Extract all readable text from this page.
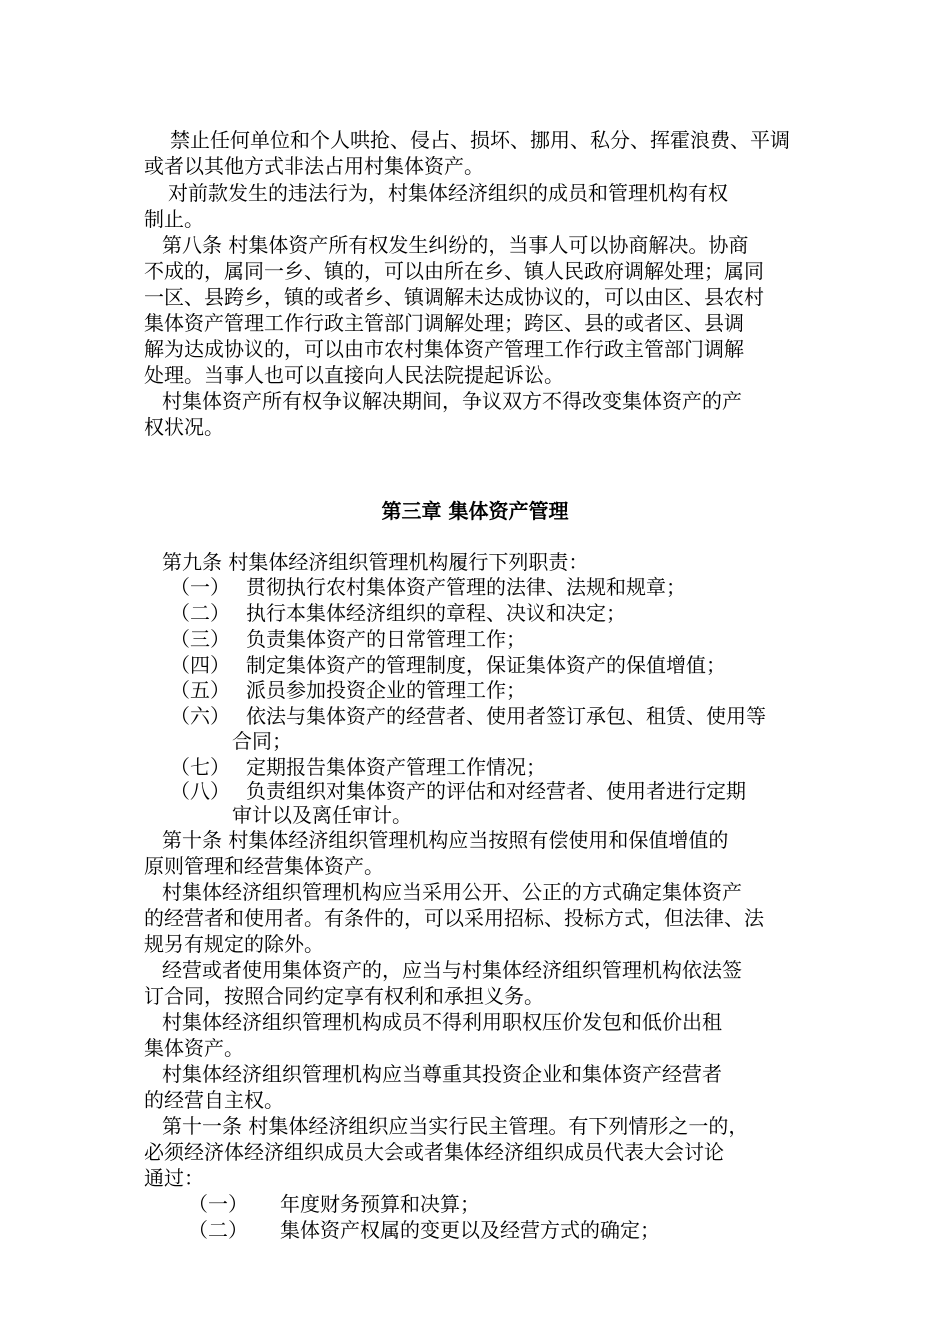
禁止任何单位和个人哄抢、侵占、损坏、挪用、私分、挥霍浪费、平调
或者以其他方式非法占用村集体资产。
对前款发生的违法行为，村集体经济组织的成员和管理机构有权
制止。
第八条 村集体资产所有权发生纠纷的，当事人可以协商解决。协商
不成的，属同一乡、镇的，可以由所在乡、镇人民政府调解处理；属同
一区、县跨乡，镇的或者乡、镇调解未达成协议的，可以由区、县农村
集体资产管理工作行政主管部门调解处理；跨区、县的或者区、县调
解为达成协议的，可以由市农村集体资产管理工作行政主管部门调解
处理。当事人也可以直接向人民法院提起诉讼。
村集体资产所有权争议解决期间，争议双方不得改变集体资产的产
权状况。
第三章 集体资产管理
第九条 村集体经济组织管理机构履行下列职责：
（一） 贯彻执行农村集体资产管理的法律、法规和规章；
（二） 执行本集体经济组织的章程、决议和决定；
（三） 负责集体资产的日常管理工作；
（四） 制定集体资产的管理制度，保证集体资产的保值增值；
（五） 派员参加投资企业的管理工作；
（六） 依法与集体资产的经营者、使用者签订承包、租赁、使用等
合同；
（七） 定期报告集体资产管理工作情况；
（八） 负责组织对集体资产的评估和对经营者、使用者进行定期
审计以及离任审计。
第十条 村集体经济组织管理机构应当按照有偿使用和保值增值的
原则管理和经营集体资产。
村集体经济组织管理机构应当采用公开、公正的方式确定集体资产
的经营者和使用者。有条件的，可以采用招标、投标方式，但法律、法
规另有规定的除外。
经营或者使用集体资产的，应当与村集体经济组织管理机构依法签
订合同，按照合同约定享有权利和承担义务。
村集体经济组织管理机构成员不得利用职权压价发包和低价出租
集体资产。
村集体经济组织管理机构应当尊重其投资企业和集体资产经营者
的经营自主权。
第十一条 村集体经济组织应当实行民主管理。有下列情形之一的，
必须经济体经济组织成员大会或者集体经济组织成员代表大会讨论
通过：
（一） 年度财务预算和决算；
（二） 集体资产权属的变更以及经营方式的确定；
